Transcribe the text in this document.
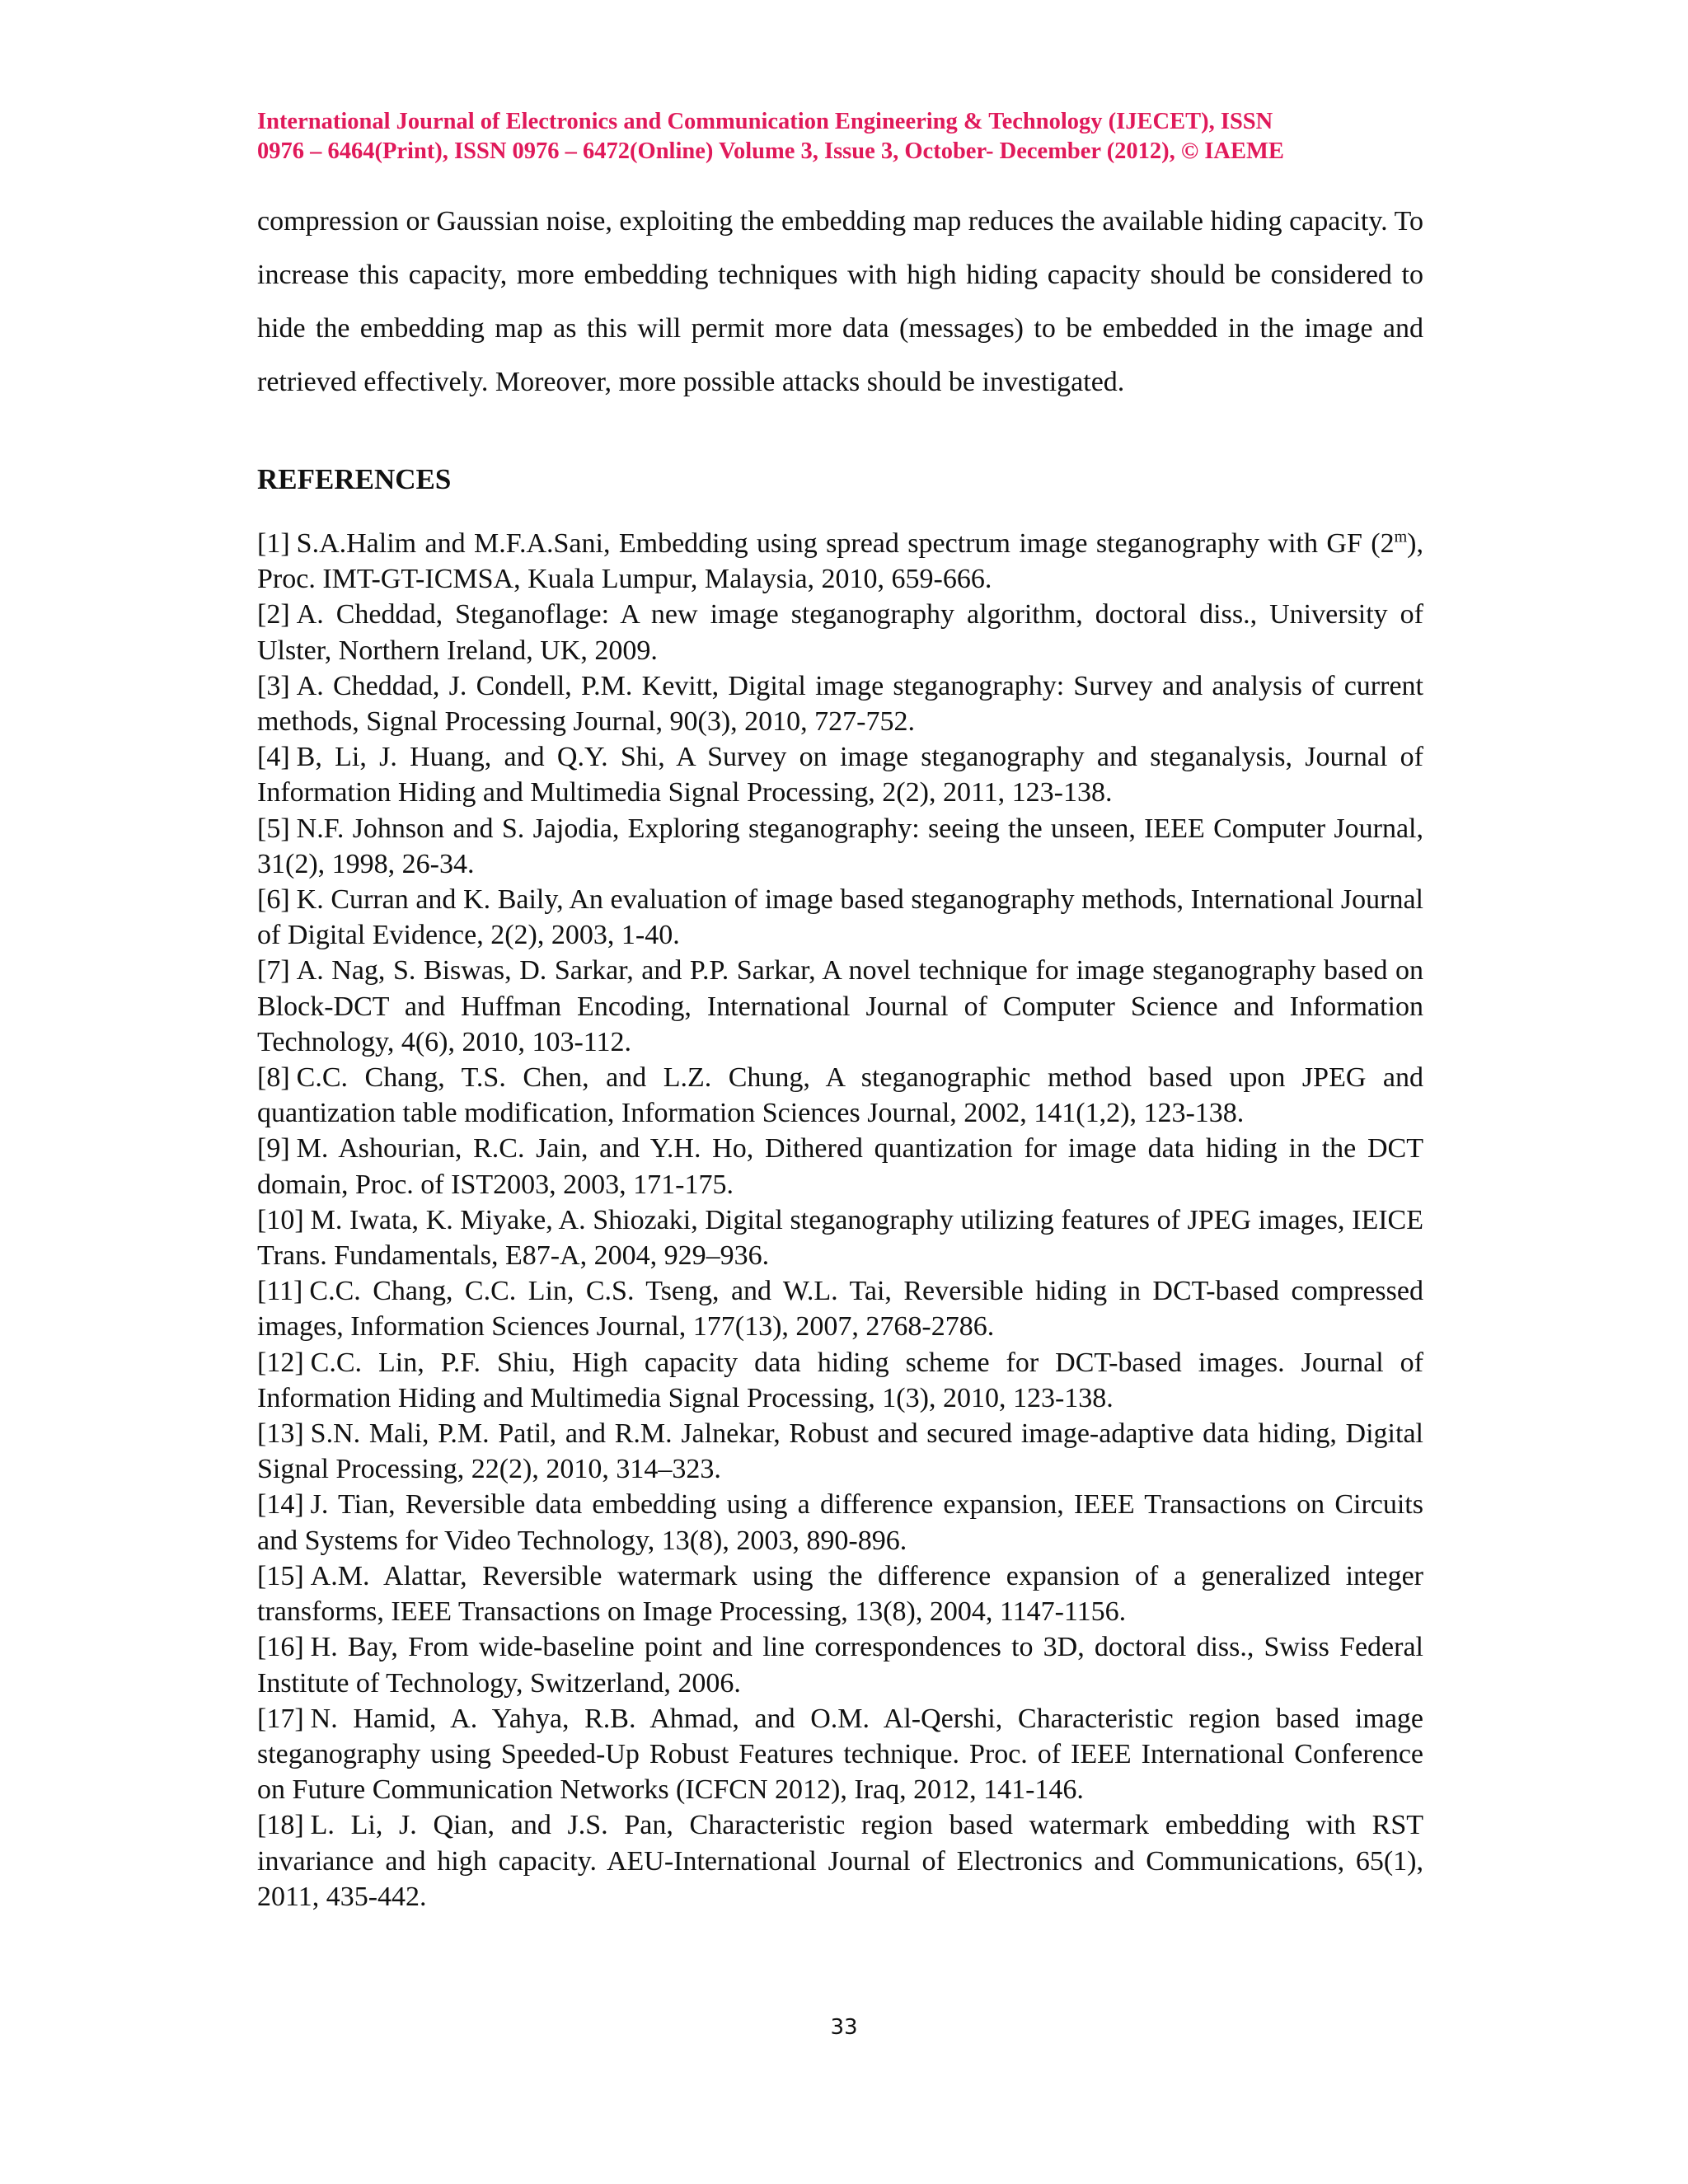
International Journal of Electronics and Communication Engineering & Technology (IJECET), ISSN
0976 – 6464(Print), ISSN 0976 – 6472(Online) Volume 3, Issue 3, October- December (2012), © IAEME

compression or Gaussian noise, exploiting the embedding map reduces the available hiding capacity. To increase this capacity, more embedding techniques with high hiding capacity should be considered to hide the embedding map as this will permit more data (messages) to be embedded in the image and retrieved effectively. Moreover, more possible attacks should be investigated.

REFERENCES
[1] S.A.Halim and M.F.A.Sani, Embedding using spread spectrum image steganography with GF (2$^m$), Proc. IMT-GT-ICMSA, Kuala Lumpur, Malaysia, 2010, 659-666.
[2] A. Cheddad, Steganoflage: A new image steganography algorithm, doctoral diss., University of Ulster, Northern Ireland, UK, 2009.
[3] A. Cheddad, J. Condell, P.M. Kevitt, Digital image steganography: Survey and analysis of current methods, Signal Processing Journal, 90(3), 2010, 727-752.
[4] B, Li, J. Huang, and Q.Y. Shi, A Survey on image steganography and steganalysis, Journal of Information Hiding and Multimedia Signal Processing, 2(2), 2011, 123-138.
[5] N.F. Johnson and S. Jajodia, Exploring steganography: seeing the unseen, IEEE Computer Journal, 31(2), 1998, 26-34.
[6] K. Curran and K. Baily, An evaluation of image based steganography methods, International Journal of Digital Evidence, 2(2), 2003, 1-40.
[7] A. Nag, S. Biswas, D. Sarkar, and P.P. Sarkar, A novel technique for image steganography based on Block-DCT and Huffman Encoding, International Journal of Computer Science and Information Technology, 4(6), 2010, 103-112.
[8] C.C. Chang, T.S. Chen, and L.Z. Chung, A steganographic method based upon JPEG and quantization table modification, Information Sciences Journal, 2002, 141(1,2), 123-138.
[9] M. Ashourian, R.C. Jain, and Y.H. Ho, Dithered quantization for image data hiding in the DCT domain, Proc. of IST2003, 2003, 171-175.
[10] M. Iwata, K. Miyake, A. Shiozaki, Digital steganography utilizing features of JPEG images, IEICE Trans. Fundamentals, E87-A, 2004, 929–936.
[11] C.C. Chang, C.C. Lin, C.S. Tseng, and W.L. Tai, Reversible hiding in DCT-based compressed images, Information Sciences Journal, 177(13), 2007, 2768-2786.
[12] C.C. Lin, P.F. Shiu, High capacity data hiding scheme for DCT-based images. Journal of Information Hiding and Multimedia Signal Processing, 1(3), 2010, 123-138.
[13] S.N. Mali, P.M. Patil, and R.M. Jalnekar, Robust and secured image-adaptive data hiding, Digital Signal Processing, 22(2), 2010, 314–323.
[14] J. Tian, Reversible data embedding using a difference expansion, IEEE Transactions on Circuits and Systems for Video Technology, 13(8), 2003, 890-896.
[15] A.M. Alattar, Reversible watermark using the difference expansion of a generalized integer transforms, IEEE Transactions on Image Processing, 13(8), 2004, 1147-1156.
[16] H. Bay, From wide-baseline point and line correspondences to 3D, doctoral diss., Swiss Federal Institute of Technology, Switzerland, 2006.
[17] N. Hamid, A. Yahya, R.B. Ahmad, and O.M. Al-Qershi, Characteristic region based image steganography using Speeded-Up Robust Features technique. Proc. of IEEE International Conference on Future Communication Networks (ICFCN 2012), Iraq, 2012, 141-146.
[18] L. Li, J. Qian, and J.S. Pan, Characteristic region based watermark embedding with RST invariance and high capacity. AEU-International Journal of Electronics and Communications, 65(1), 2011, 435-442.
33
